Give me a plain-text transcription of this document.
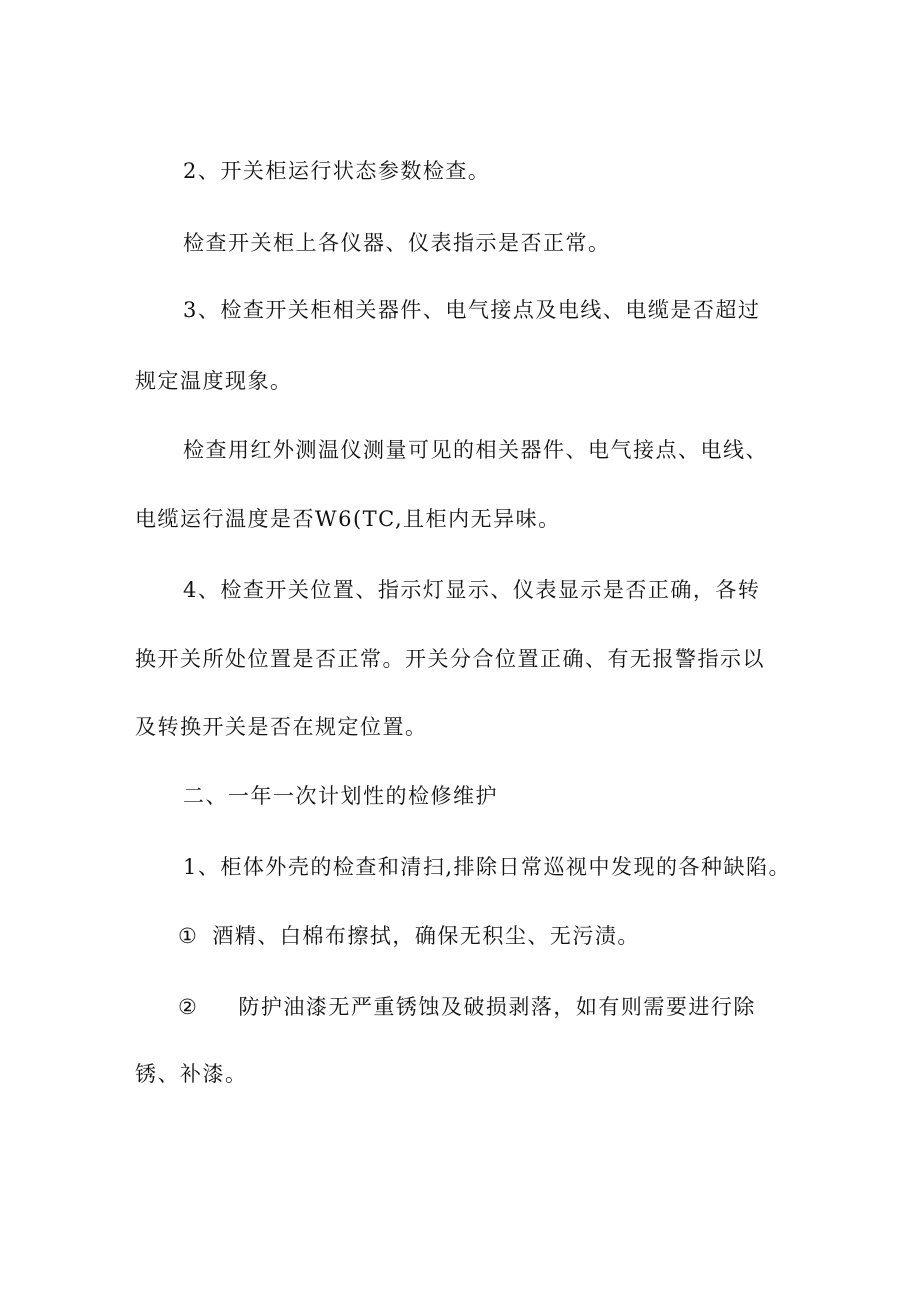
2、开关柜运行状态参数检查。
检查开关柜上各仪器、仪表指示是否正常。
3、检查开关柜相关器件、电气接点及电线、电缆是否超过
规定温度现象。
检查用红外测温仪测量可见的相关器件、电气接点、电线、
电缆运行温度是否W6(TC,且柜内无异味。
4、检查开关位置、指示灯显示、仪表显示是否正确，各转
换开关所处位置是否正常。开关分合位置正确、有无报警指示以
及转换开关是否在规定位置。
二、一年一次计划性的检修维护
1、柜体外壳的检查和清扫,排除日常巡视中发现的各种缺陷。
① 酒精、白棉布擦拭，确保无积尘、无污渍。
② 防护油漆无严重锈蚀及破损剥落，如有则需要进行除
锈、补漆。
